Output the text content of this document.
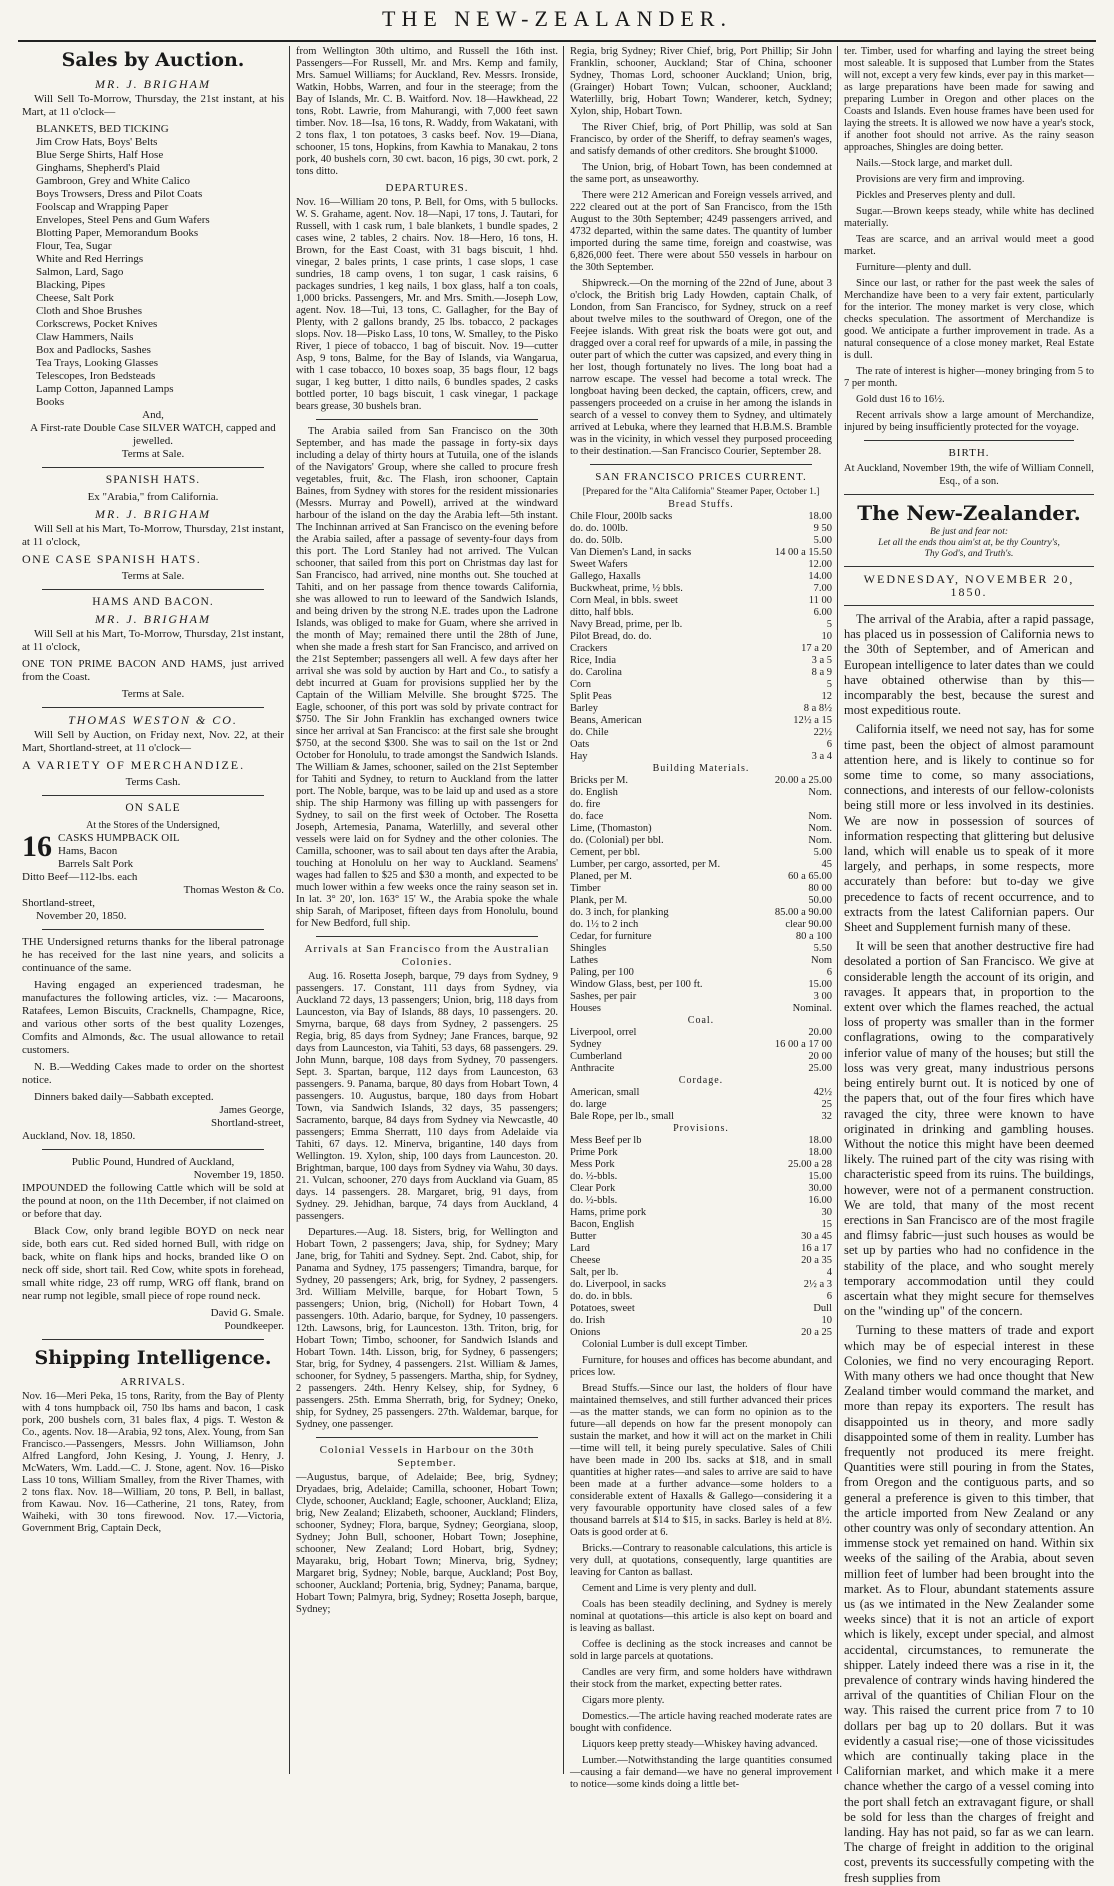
THE NEW-ZEALANDER.
Sales by Auction.
MR. J. BRIGHAM
Will Sell To-Morrow, Thursday, the 21st instant, at his Mart, at 11 o'clock—
BLANKETS, BED TICKING
Jim Crow Hats, Boys' Belts
Blue Serge Shirts, Half Hose
Ginghams, Shepherd's Plaid
Gambroon, Grey and White Calico
Boys Trowsers, Dress and Pilot Coats
Foolscap and Wrapping Paper
Envelopes, Steel Pens and Gum Wafers
Blotting Paper, Memorandum Books
Flour, Tea, Sugar
White and Red Herrings
Salmon, Lard, Sago
Blacking, Pipes
Cheese, Salt Pork
Cloth and Shoe Brushes
Corkscrews, Pocket Knives
Claw Hammers, Nails
Box and Padlocks, Sashes
Tea Trays, Looking Glasses
Telescopes, Iron Bedsteads
Lamp Cotton, Japanned Lamps
Books
And,
A First-rate Double Case SILVER WATCH, capped and jewelled.
Terms at Sale.
SPANISH HATS.
Ex "Arabia," from California.
MR. J. BRIGHAM
Will Sell at his Mart, To-Morrow, Thursday, 21st instant, at 11 o'clock,
ONE CASE SPANISH HATS.
Terms at Sale.
HAMS AND BACON.
MR. J. BRIGHAM
Will Sell at his Mart, To-Morrow, Thursday, 21st instant, at 11 o'clock,
ONE TON PRIME BACON AND HAMS, just arrived from the Coast.
Terms at Sale.
THOMAS WESTON & CO.
Will Sell by Auction, on Friday next, Nov. 22, at their Mart, Shortland-street, at 11 o'clock—
A VARIETY OF MERCHANDIZE.
Terms Cash.
ON SALE
At the Stores of the Undersigned,
16 CASKS HUMPBACK OIL
Hams, Bacon
Barrels Salt Pork
Ditto Beef—112-lbs. each
Thomas Weston & Co.
Shortland-street,
November 20, 1850.
THE Undersigned returns thanks for the liberal patronage he has received for the last nine years, and solicits a continuance of the same.
Having engaged an experienced tradesman, he manufactures the following articles, viz. :— Macaroons, Ratafees, Lemon Biscuits, Cracknells, Champagne, Rice, and various other sorts of the best quality Lozenges, Comfits and Almonds, &c. The usual allowance to retail customers.
N. B.—Wedding Cakes made to order on the shortest notice.
Dinners baked daily—Sabbath excepted.
James George,
Shortland-street,
Auckland, Nov. 18, 1850.
Public Pound, Hundred of Auckland,
November 19, 1850.
IMPOUNDED the following Cattle which will be sold at the pound at noon, on the 11th December, if not claimed on or before that day.
Black Cow, only brand legible BOYD on neck near side, both ears cut. Red sided horned Bull, with ridge on back, white on flank hips and hocks, branded like O on neck off side, short tail. Red Cow, white spots in forehead, small white ridge, 23 off rump, WRG off flank, brand on near rump not legible, small piece of rope round neck.
David G. Smale.
Poundkeeper.
Shipping Intelligence.
ARRIVALS.
Nov. 16—Meri Peka, 15 tons, Rarity, from the Bay of Plenty with 4 tons humpback oil, 750 lbs hams and bacon, 1 cask pork, 200 bushels corn, 31 bales flax, 4 pigs. T. Weston & Co., agents. Nov. 18—Arabia, 92 tons, Alex. Young, from San Francisco.—Passengers, Messrs. John Williamson, John Alfred Langford, John Kesing, J. Young, J. Henry, J. McWaters, Wm. Ladd.—C. J. Stone, agent. Nov. 16—Pisko Lass 10 tons, William Smalley, from the River Thames, with 2 tons flax. Nov. 18—William, 20 tons, P. Bell, in ballast, from Kawau. Nov. 16—Catherine, 21 tons, Ratey, from Waiheki, with 30 tons firewood. Nov. 17.—Victoria, Government Brig, Captain Deck,
from Wellington 30th ultimo, and Russell the 16th inst. Passengers—For Russell, Mr. and Mrs. Kemp and family, Mrs. Samuel Williams; for Auckland, Rev. Messrs. Ironside, Watkin, Hobbs, Warren, and four in the steerage; from the Bay of Islands, Mr. C. B. Waitford. Nov. 18—Hawkhead, 22 tons, Robt. Lawrie, from Mahurangi, with 7,000 feet sawn timber. Nov. 18—Isa, 16 tons, R. Waddy, from Wakatani, with 2 tons flax, 1 ton potatoes, 3 casks beef. Nov. 19—Diana, schooner, 15 tons, Hopkins, from Kawhia to Manakau, 2 tons pork, 40 bushels corn, 30 cwt. bacon, 16 pigs, 30 cwt. pork, 2 tons ditto.
DEPARTURES.
Nov. 16—William 20 tons, P. Bell, for Oms, with 5 bullocks. W. S. Grahame, agent. Nov. 18—Napi, 17 tons, J. Tautari, for Russell, with 1 cask rum, 1 bale blankets, 1 bundle spades, 2 cases wine, 2 tables, 2 chairs. Nov. 18—Hero, 16 tons, H. Brown, for the East Coast, with 31 bags biscuit, 1 hhd. vinegar, 2 bales prints, 1 case prints, 1 case slops, 1 case sundries, 18 camp ovens, 1 ton sugar, 1 cask raisins, 6 packages sundries, 1 keg nails, 1 box glass, half a ton coals, 1,000 bricks. Passengers, Mr. and Mrs. Smith.—Joseph Low, agent. Nov. 18—Tui, 13 tons, C. Gallagher, for the Bay of Plenty, with 2 gallons brandy, 25 lbs. tobacco, 2 packages slops. Nov. 18—Pisko Lass, 10 tons, W. Smalley, to the Pisko River, 1 piece of tobacco, 1 bag of biscuit. Nov. 19—cutter Asp, 9 tons, Balme, for the Bay of Islands, via Wangarua, with 1 case tobacco, 10 boxes soap, 35 bags flour, 12 bags sugar, 1 keg butter, 1 ditto nails, 6 bundles spades, 2 casks bottled porter, 10 bags biscuit, 1 cask vinegar, 1 package bears grease, 30 bushels bran.
The Arabia sailed from San Francisco on the 30th September, and has made the passage in forty-six days including a delay of thirty hours at Tutuila, one of the islands of the Navigators' Group, where she called to procure fresh vegetables, fruit, &c. The Flash, iron schooner, Captain Baines, from Sydney with stores for the resident missionaries (Messrs. Murray and Powell), arrived at the windward harbour of the island on the day the Arabia left—5th instant. The Inchinnan arrived at San Francisco on the evening before the Arabia sailed, after a passage of seventy-four days from this port. The Lord Stanley had not arrived. The Vulcan schooner, that sailed from this port on Christmas day last for San Francisco, had arrived, nine months out. She touched at Tahiti, and on her passage from thence towards California, she was allowed to run to leeward of the Sandwich Islands, and being driven by the strong N.E. trades upon the Ladrone Islands, was obliged to make for Guam, where she arrived in the month of May; remained there until the 28th of June, when she made a fresh start for San Francisco, and arrived on the 21st September; passengers all well. A few days after her arrival she was sold by auction by Hart and Co., to satisfy a debt incurred at Guam for provisions supplied her by the Captain of the William Melville. She brought $725. The Eagle, schooner, of this port was sold by private contract for $750. The Sir John Franklin has exchanged owners twice since her arrival at San Francisco: at the first sale she brought $750, at the second $300. She was to sail on the 1st or 2nd October for Honolulu, to trade amongst the Sandwich Islands. The William & James, schooner, sailed on the 21st September for Tahiti and Sydney, to return to Auckland from the latter port. The Noble, barque, was to be laid up and used as a store ship. The ship Harmony was filling up with passengers for Sydney, to sail on the first week of October. The Rosetta Joseph, Artemesia, Panama, Waterlilly, and several other vessels were laid on for Sydney and the other colonies. The Camilla, schooner, was to sail about ten days after the Arabia, touching at Honolulu on her way to Auckland. Seamens' wages had fallen to $25 and $30 a month, and expected to be much lower within a few weeks once the rainy season set in. In lat. 3° 20', lon. 163° 15' W., the Arabia spoke the whale ship Sarah, of Mariposet, fifteen days from Honolulu, bound for New Bedford, full ship.
Arrivals at San Francisco from the Australian Colonies.
Aug. 16. Rosetta Joseph, barque, 79 days from Sydney, 9 passengers. 17. Constant, 111 days from Sydney, via Auckland 72 days, 13 passengers; Union, brig, 118 days from Launceston, via Bay of Islands, 88 days, 10 passengers. 20. Smyrna, barque, 68 days from Sydney, 2 passengers. 25 Regia, brig, 85 days from Sydney; Jane Frances, barque, 92 days from Launceston, via Tahiti, 53 days, 68 passengers. 29. John Munn, barque, 108 days from Sydney, 70 passengers. Sept. 3. Spartan, barque, 112 days from Launceston, 63 passengers. 9. Panama, barque, 80 days from Hobart Town, 4 passengers. 10. Augustus, barque, 180 days from Hobart Town, via Sandwich Islands, 32 days, 35 passengers; Sacramento, barque, 84 days from Sydney via Newcastle, 40 passengers; Emma Sherratt, 110 days from Adelaide via Tahiti, 67 days. 12. Minerva, brigantine, 140 days from Wellington. 19. Xylon, ship, 100 days from Launceston. 20. Brightman, barque, 100 days from Sydney via Wahu, 30 days. 21. Vulcan, schooner, 270 days from Auckland via Guam, 85 days. 14 passengers. 28. Margaret, brig, 91 days, from Sydney. 29. Jehidhan, barque, 74 days from Auckland, 4 passengers.
Departures.—Aug. 18. Sisters, brig, for Wellington and Hobart Town, 2 passengers; Java, ship, for Sydney; Mary Jane, brig, for Tahiti and Sydney. Sept. 2nd. Cabot, ship, for Panama and Sydney, 175 passengers; Timandra, barque, for Sydney, 20 passengers; Ark, brig, for Sydney, 2 passengers. 3rd. William Melville, barque, for Hobart Town, 5 passengers; Union, brig, (Nicholl) for Hobart Town, 4 passengers. 10th. Adario, barque, for Sydney, 10 passengers. 12th. Lawsons, brig, for Launceston. 13th. Triton, brig, for Hobart Town; Timbo, schooner, for Sandwich Islands and Hobart Town. 14th. Lisson, brig, for Sydney, 6 passengers; Star, brig, for Sydney, 4 passengers. 21st. William & James, schooner, for Sydney, 5 passengers. Martha, ship, for Sydney, 2 passengers. 24th. Henry Kelsey, ship, for Sydney, 6 passengers. 25th. Emma Sherrath, brig, for Sydney; Oneko, ship, for Sydney, 25 passengers. 27th. Waldemar, barque, for Sydney, one passenger.
Colonial Vessels in Harbour on the 30th September.
—Augustus, barque, of Adelaide; Bee, brig, Sydney; Dryadaes, brig, Adelaide; Camilla, schooner, Hobart Town; Clyde, schooner, Auckland; Eagle, schooner, Auckland; Eliza, brig, New Zealand; Elizabeth, schooner, Auckland; Flinders, schooner, Sydney; Flora, barque, Sydney; Georgiana, sloop, Sydney; John Bull, schooner, Hobart Town; Josephine, schooner, New Zealand; Lord Hobart, brig, Sydney; Mayaraku, brig, Hobart Town; Minerva, brig, Sydney; Margaret brig, Sydney; Noble, barque, Auckland; Post Boy, schooner, Auckland; Portenia, brig, Sydney; Panama, barque, Hobart Town; Palmyra, brig, Sydney; Rosetta Joseph, barque, Sydney;
Regia, brig Sydney; River Chief, brig, Port Phillip; Sir John Franklin, schooner, Auckland; Star of China, schooner Sydney, Thomas Lord, schooner Auckland; Union, brig, (Grainger) Hobart Town; Vulcan, schooner, Auckland; Waterlilly, brig, Hobart Town; Wanderer, ketch, Sydney; Xylon, ship, Hobart Town.
The River Chief, brig, of Port Phillip, was sold at San Francisco, by order of the Sheriff, to defray seamen's wages, and satisfy demands of other creditors. She brought $1000.
The Union, brig, of Hobart Town, has been condemned at the same port, as unseaworthy.
There were 212 American and Foreign vessels arrived, and 222 cleared out at the port of San Francisco, from the 15th August to the 30th September; 4249 passengers arrived, and 4732 departed, within the same dates. The quantity of lumber imported during the same time, foreign and coastwise, was 6,826,000 feet. There were about 550 vessels in harbour on the 30th September.
Shipwreck.—On the morning of the 22nd of June, about 3 o'clock, the British brig Lady Howden, captain Chalk, of London, from San Francisco, for Sydney, struck on a reef about twelve miles to the southward of Oregon, one of the Feejee islands. With great risk the boats were got out, and dragged over a coral reef for upwards of a mile, in passing the outer part of which the cutter was capsized, and every thing in her lost, though fortunately no lives. The long boat had a narrow escape. The vessel had become a total wreck. The longboat having been decked, the captain, officers, crew, and passengers proceeded on a cruise in her among the islands in search of a vessel to convey them to Sydney, and ultimately arrived at Lebuka, where they learned that H.B.M.S. Bramble was in the vicinity, in which vessel they purposed proceeding to their destination.—San Francisco Courier, September 28.
SAN FRANCISCO PRICES CURRENT.
[Prepared for the "Alta California" Steamer Paper, October 1.]
Bread Stuffs.	
Chile Flour, 200lb sacks	18.00
do. do. 100lb.	9 50
do. do. 50lb.	5.00
Van Diemen's Land, in sacks	14 00 a 15.50
Sweet Wafers	12.00
Gallego, Haxalls	14.00
Buckwheat, prime, ½ bbls.	7.00
Corn Meal, in bbls. sweet	11 00
ditto, half bbls.	6.00
Navy Bread, prime, per lb.	5
Pilot Bread, do. do.	10
Crackers	17 a 20
Rice, India	3 a 5
do. Carolina	8 a 9
Corn	5
Split Peas	12
Barley	8 a 8½
Beans, American	12½ a 15
do. Chile	22½
Oats	6
Hay	3 a 4
Building Materials.	
Bricks per M.	20.00 a 25.00
do. English	Nom.
do. fire	
do. face	Nom.
Lime, (Thomaston)	Nom.
do. (Colonial) per bbl.	Nom.
Cement, per bbl.	5.00
Lumber, per cargo, assorted, per M.	45
Planed, per M.	60 a 65.00
Timber	80 00
Plank, per M.	50.00
do. 3 inch, for planking	85.00 a 90.00
do. 1½ to 2 inch	clear 90.00
Cedar, for furniture	80 a 100
Shingles	5.50
Lathes	Nom
Paling, per 100	6
Window Glass, best, per 100 ft.	15.00
Sashes, per pair	3 00
Houses	Nominal.
Coal.	
Liverpool, orrel	20.00
Sydney	16 00 a 17 00
Cumberland	20 00
Anthracite	25.00
Cordage.	
American, small	42½
do. large	25
Bale Rope, per lb., small	32
Provisions.	
Mess Beef per lb	18.00
Prime Pork	18.00
Mess Pork	25.00 a 28
do. ½-bbls.	15.00
Clear Pork	30.00
do. ½-bbls.	16.00
Hams, prime pork	30
Bacon, English	15
Butter	30 a 45
Lard	16 a 17
Cheese	20 a 35
Salt, per lb.	4
do. Liverpool, in sacks	2½ a 3
do. do. in bbls.	6
Potatoes, sweet	Dull
do. Irish	10
Onions	20 a 25
Colonial Lumber is dull except Timber.
Furniture, for houses and offices has become abundant, and prices low.
Bread Stuffs.—Since our last, the holders of flour have maintained themselves, and still further advanced their prices—as the matter stands, we can form no opinion as to the future—all depends on how far the present monopoly can sustain the market, and how it will act on the market in Chili—time will tell, it being purely speculative. Sales of Chili have been made in 200 lbs. sacks at $18, and in small quantities at higher rates—and sales to arrive are said to have been made at a further advance—some holders to a considerable extent of Haxalls & Gallego—considering it a very favourable opportunity have closed sales of a few thousand barrels at $14 to $15, in sacks. Barley is held at 8½. Oats is good order at 6.
Bricks.—Contrary to reasonable calculations, this article is very dull, at quotations, consequently, large quantities are leaving for Canton as ballast.
Cement and Lime is very plenty and dull.
Coals has been steadily declining, and Sydney is merely nominal at quotations—this article is also kept on board and is leaving as ballast.
Coffee is declining as the stock increases and cannot be sold in large parcels at quotations.
Candles are very firm, and some holders have withdrawn their stock from the market, expecting better rates.
Cigars more plenty.
Domestics.—The article having reached moderate rates are bought with confidence.
Liquors keep pretty steady—Whiskey having advanced.
Lumber.—Notwithstanding the large quantities consumed—causing a fair demand—we have no general improvement to notice—some kinds doing a little bet-
ter. Timber, used for wharfing and laying the street being most saleable. It is supposed that Lumber from the States will not, except a very few kinds, ever pay in this market—as large preparations have been made for sawing and preparing Lumber in Oregon and other places on the Coasts and Islands. Even house frames have been used for laying the streets. It is allowed we now have a year's stock, if another foot should not arrive. As the rainy season approaches, Shingles are doing better.
Nails.—Stock large, and market dull.
Provisions are very firm and improving.
Pickles and Preserves plenty and dull.
Sugar.—Brown keeps steady, while white has declined materially.
Teas are scarce, and an arrival would meet a good market.
Furniture—plenty and dull.
Since our last, or rather for the past week the sales of Merchandize have been to a very fair extent, particularly for the interior. The money market is very close, which checks speculation. The assortment of Merchandize is good. We anticipate a further improvement in trade. As a natural consequence of a close money market, Real Estate is dull.
The rate of interest is higher—money bringing from 5 to 7 per month.
Gold dust 16 to 16½.
Recent arrivals show a large amount of Merchandize, injured by being insufficiently protected for the voyage.
BIRTH.
At Auckland, November 19th, the wife of William Connell, Esq., of a son.
The New-Zealander.
Be just and fear not:
Let all the ends thou aim'st at, be thy Country's,
Thy God's, and Truth's.
WEDNESDAY, NOVEMBER 20, 1850.
The arrival of the Arabia, after a rapid passage, has placed us in possession of California news to the 30th of September, and of American and European intelligence to later dates than we could have obtained otherwise than by this—incomparably the best, because the surest and most expeditious route.
California itself, we need not say, has for some time past, been the object of almost paramount attention here, and is likely to continue so for some time to come, so many associations, connections, and interests of our fellow-colonists being still more or less involved in its destinies. We are now in possession of sources of information respecting that glittering but delusive land, which will enable us to speak of it more largely, and perhaps, in some respects, more accurately than before: but to-day we give precedence to facts of recent occurrence, and to extracts from the latest Californian papers. Our Sheet and Supplement furnish many of these.
It will be seen that another destructive fire had desolated a portion of San Francisco. We give at considerable length the account of its origin, and ravages. It appears that, in proportion to the extent over which the flames reached, the actual loss of property was smaller than in the former conflagrations, owing to the comparatively inferior value of many of the houses; but still the loss was very great, many industrious persons being entirely burnt out. It is noticed by one of the papers that, out of the four fires which have ravaged the city, three were known to have originated in drinking and gambling houses. Without the notice this might have been deemed likely. The ruined part of the city was rising with characteristic speed from its ruins. The buildings, however, were not of a permanent construction. We are told, that many of the most recent erections in San Francisco are of the most fragile and flimsy fabric—just such houses as would be set up by parties who had no confidence in the stability of the place, and who sought merely temporary accommodation until they could ascertain what they might secure for themselves on the "winding up" of the concern.
Turning to these matters of trade and export which may be of especial interest in these Colonies, we find no very encouraging Report. With many others we had once thought that New Zealand timber would command the market, and more than repay its exporters. The result has disappointed us in theory, and more sadly disappointed some of them in reality. Lumber has frequently not produced its mere freight. Quantities were still pouring in from the States, from Oregon and the contiguous parts, and so general a preference is given to this timber, that the article imported from New Zealand or any other country was only of secondary attention. An immense stock yet remained on hand. Within six weeks of the sailing of the Arabia, about seven million feet of lumber had been brought into the market. As to Flour, abundant statements assure us (as we intimated in the New Zealander some weeks since) that it is not an article of export which is likely, except under special, and almost accidental, circumstances, to remunerate the shipper. Lately indeed there was a rise in it, the prevalence of contrary winds having hindered the arrival of the quantities of Chilian Flour on the way. This raised the current price from 7 to 10 dollars per bag up to 20 dollars. But it was evidently a casual rise;—one of those vicissitudes which are continually taking place in the Californian market, and which make it a mere chance whether the cargo of a vessel coming into the port shall fetch an extravagant figure, or shall be sold for less than the charges of freight and landing. Hay has not paid, so far as we can learn. The charge of freight in addition to the original cost, prevents its successfully competing with the fresh supplies from
